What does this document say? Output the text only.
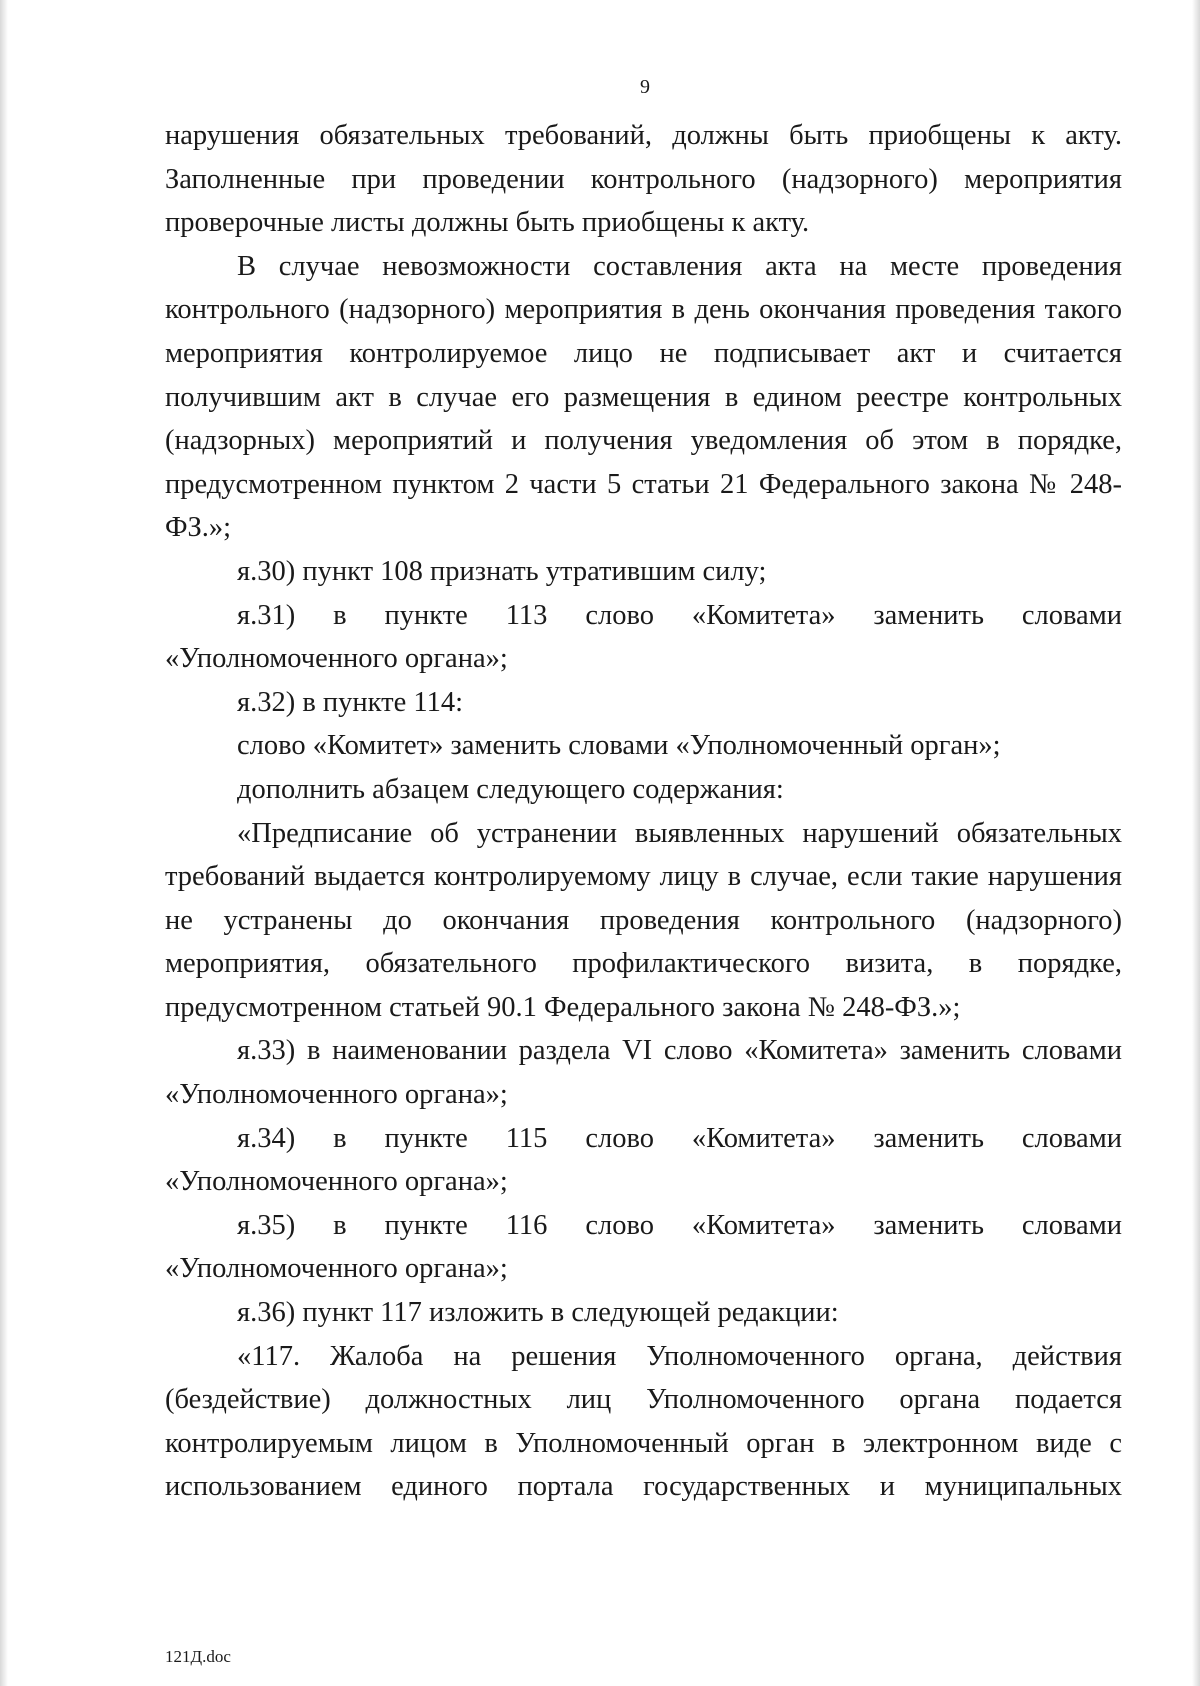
9

нарушения обязательных требований, должны быть приобщены к акту. Заполненные при проведении контрольного (надзорного) мероприятия проверочные листы должны быть приобщены к акту.

В случае невозможности составления акта на месте проведения контрольного (надзорного) мероприятия в день окончания проведения такого мероприятия контролируемое лицо не подписывает акт и считается получившим акт в случае его размещения в едином реестре контрольных (надзорных) мероприятий и получения уведомления об этом в порядке, предусмотренном пунктом 2 части 5 статьи 21 Федерального закона № 248-ФЗ.»;

я.30) пункт 108 признать утратившим силу;

я.31) в пункте 113 слово «Комитета» заменить словами «Уполномоченного органа»;

я.32) в пункте 114:

слово «Комитет» заменить словами «Уполномоченный орган»;

дополнить абзацем следующего содержания:

«Предписание об устранении выявленных нарушений обязательных требований выдается контролируемому лицу в случае, если такие нарушения не устранены до окончания проведения контрольного (надзорного) мероприятия, обязательного профилактического визита, в порядке, предусмотренном статьей 90.1 Федерального закона № 248-ФЗ.»;

я.33) в наименовании раздела VI слово «Комитета» заменить словами «Уполномоченного органа»;

я.34) в пункте 115 слово «Комитета» заменить словами «Уполномоченного органа»;

я.35) в пункте 116 слово «Комитета» заменить словами «Уполномоченного органа»;

я.36) пункт 117 изложить в следующей редакции:

«117. Жалоба на решения Уполномоченного органа, действия (бездействие) должностных лиц Уполномоченного органа подается контролируемым лицом в Уполномоченный орган в электронном виде с использованием единого портала государственных и муниципальных

121Д.doc
